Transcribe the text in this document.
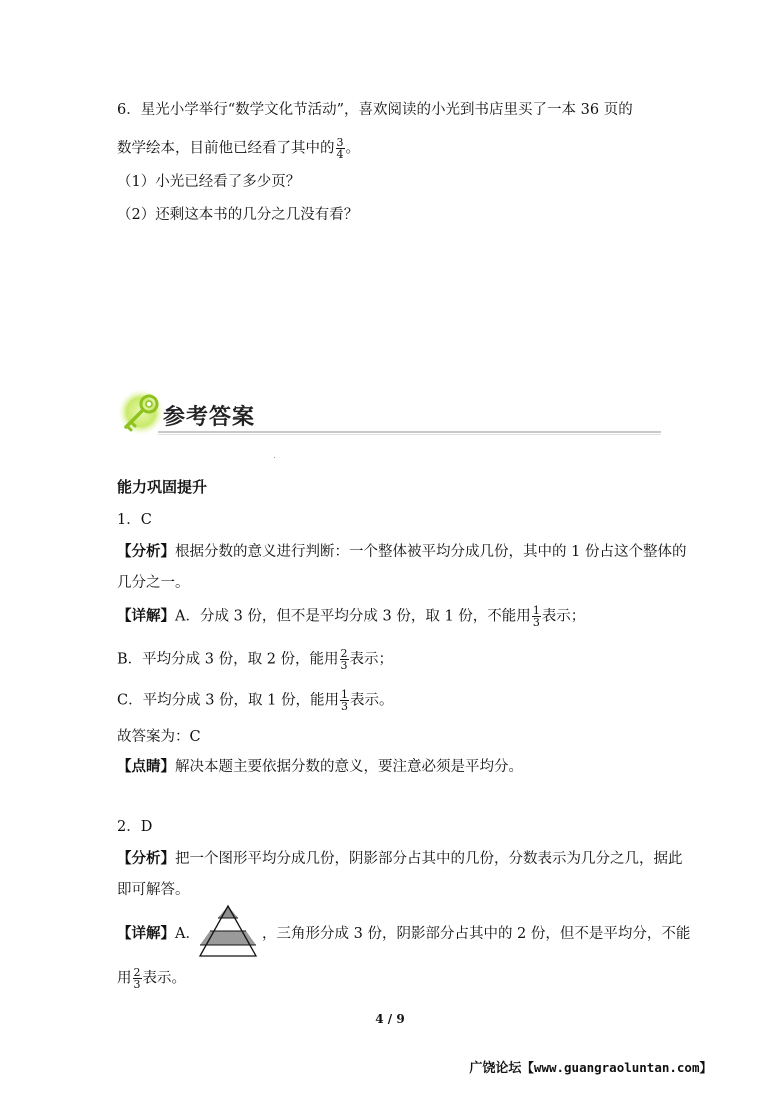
6．星光小学举行“数学文化节活动”，喜欢阅读的小光到书店里买了一本 36 页的
数学绘本，目前他已经看了其中的 $\frac{3}{4}$ 。
（1）小光已经看了多少页？
（2）还剩这本书的几分之几没有看？
参考答案
能力巩固提升
1．C
【分析】根据分数的意义进行判断：一个整体被平均分成几份，其中的 1 份占这个整体的
几分之一。
【详解】A．分成 3 份，但不是平均分成 3 份，取 1 份，不能用 $\frac{1}{3}$ 表示；
B．平均分成 3 份，取 2 份，能用 $\frac{2}{3}$ 表示；
C．平均分成 3 份，取 1 份，能用 $\frac{1}{3}$ 表示。
故答案为：C
【点睛】解决本题主要依据分数的意义，要注意必须是平均分。
2．D
【分析】把一个图形平均分成几份，阴影部分占其中的几份，分数表示为几分之几，据此
即可解答。
【详解】A．	，三角形分成 3 份，阴影部分占其中的 2 份，但不是平均分，不能
用 $\frac{2}{3}$ 表示。
4 / 9
广饶论坛【www.guangraoluntan.com】
